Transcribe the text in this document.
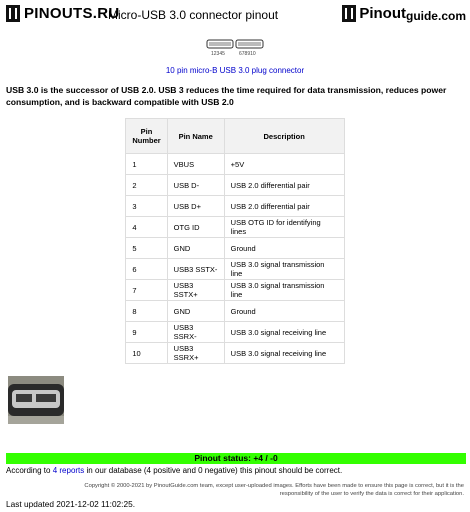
PINOUTS.RU
Micro-USB 3.0 connector pinout	Pinout guide.com
12345	678910
10 pin micro-B USB 3.0 plug connector
USB 3.0 is the successor of USB 2.0. USB 3 reduces the time required for data transmission, reduces power consumption, and is backward compatible with USB 2.0
Pin Number	Pin Name	Description
1	VBUS	+5V
2	USB D-	USB 2.0 differential pair
3	USB D+	USB 2.0 differential pair
4	OTG ID	USB OTG ID for identifying lines
5	GND	Ground
6	USB3 SSTX-	USB 3.0 signal transmission line
7	USB3 SSTX+	USB 3.0 signal transmission line
8	GND	Ground
9	USB3 SSRX-	USB 3.0 signal receiving line
10	USB3 SSRX+	USB 3.0 signal receiving line
Pinout status: +4 / -0
According to 4 reports in our database (4 positive and 0 negative) this pinout should be correct.
Copyright © 2000-2021 by PinoutGuide.com team, except user-uploaded images. Efforts have been made to ensure this page is correct, but it is the responsibility of the user to verify the data is correct for their application.
Last updated 2021-12-02 11:02:25.
